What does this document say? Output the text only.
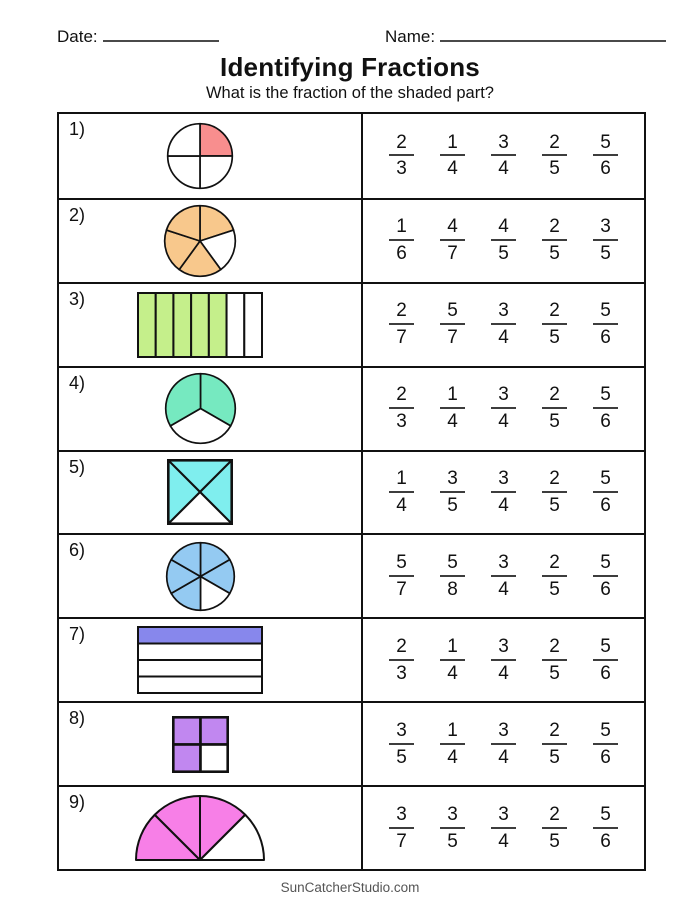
Date:	Name:
Identifying Fractions
What is the fraction of the shaded part?
1)
$\frac{2}{3} \frac{1}{4} \frac{3}{4} \frac{2}{5} \frac{5}{6}$
2)
$\frac{1}{6} \frac{4}{7} \frac{4}{5} \frac{2}{5} \frac{3}{5}$
3)
$\frac{2}{7} \frac{5}{7} \frac{3}{4} \frac{2}{5} \frac{5}{6}$
4)
$\frac{2}{3} \frac{1}{4} \frac{3}{4} \frac{2}{5} \frac{5}{6}$
5)
$\frac{1}{4} \frac{3}{5} \frac{3}{4} \frac{2}{5} \frac{5}{6}$
6)
$\frac{5}{7} \frac{5}{8} \frac{3}{4} \frac{2}{5} \frac{5}{6}$
7)
$\frac{2}{3} \frac{1}{4} \frac{3}{4} \frac{2}{5} \frac{5}{6}$
8)
$\frac{3}{5} \frac{1}{4} \frac{3}{4} \frac{2}{5} \frac{5}{6}$
9)
$\frac{3}{7} \frac{3}{5} \frac{3}{4} \frac{2}{5} \frac{5}{6}$
SunCatcherStudio.com
